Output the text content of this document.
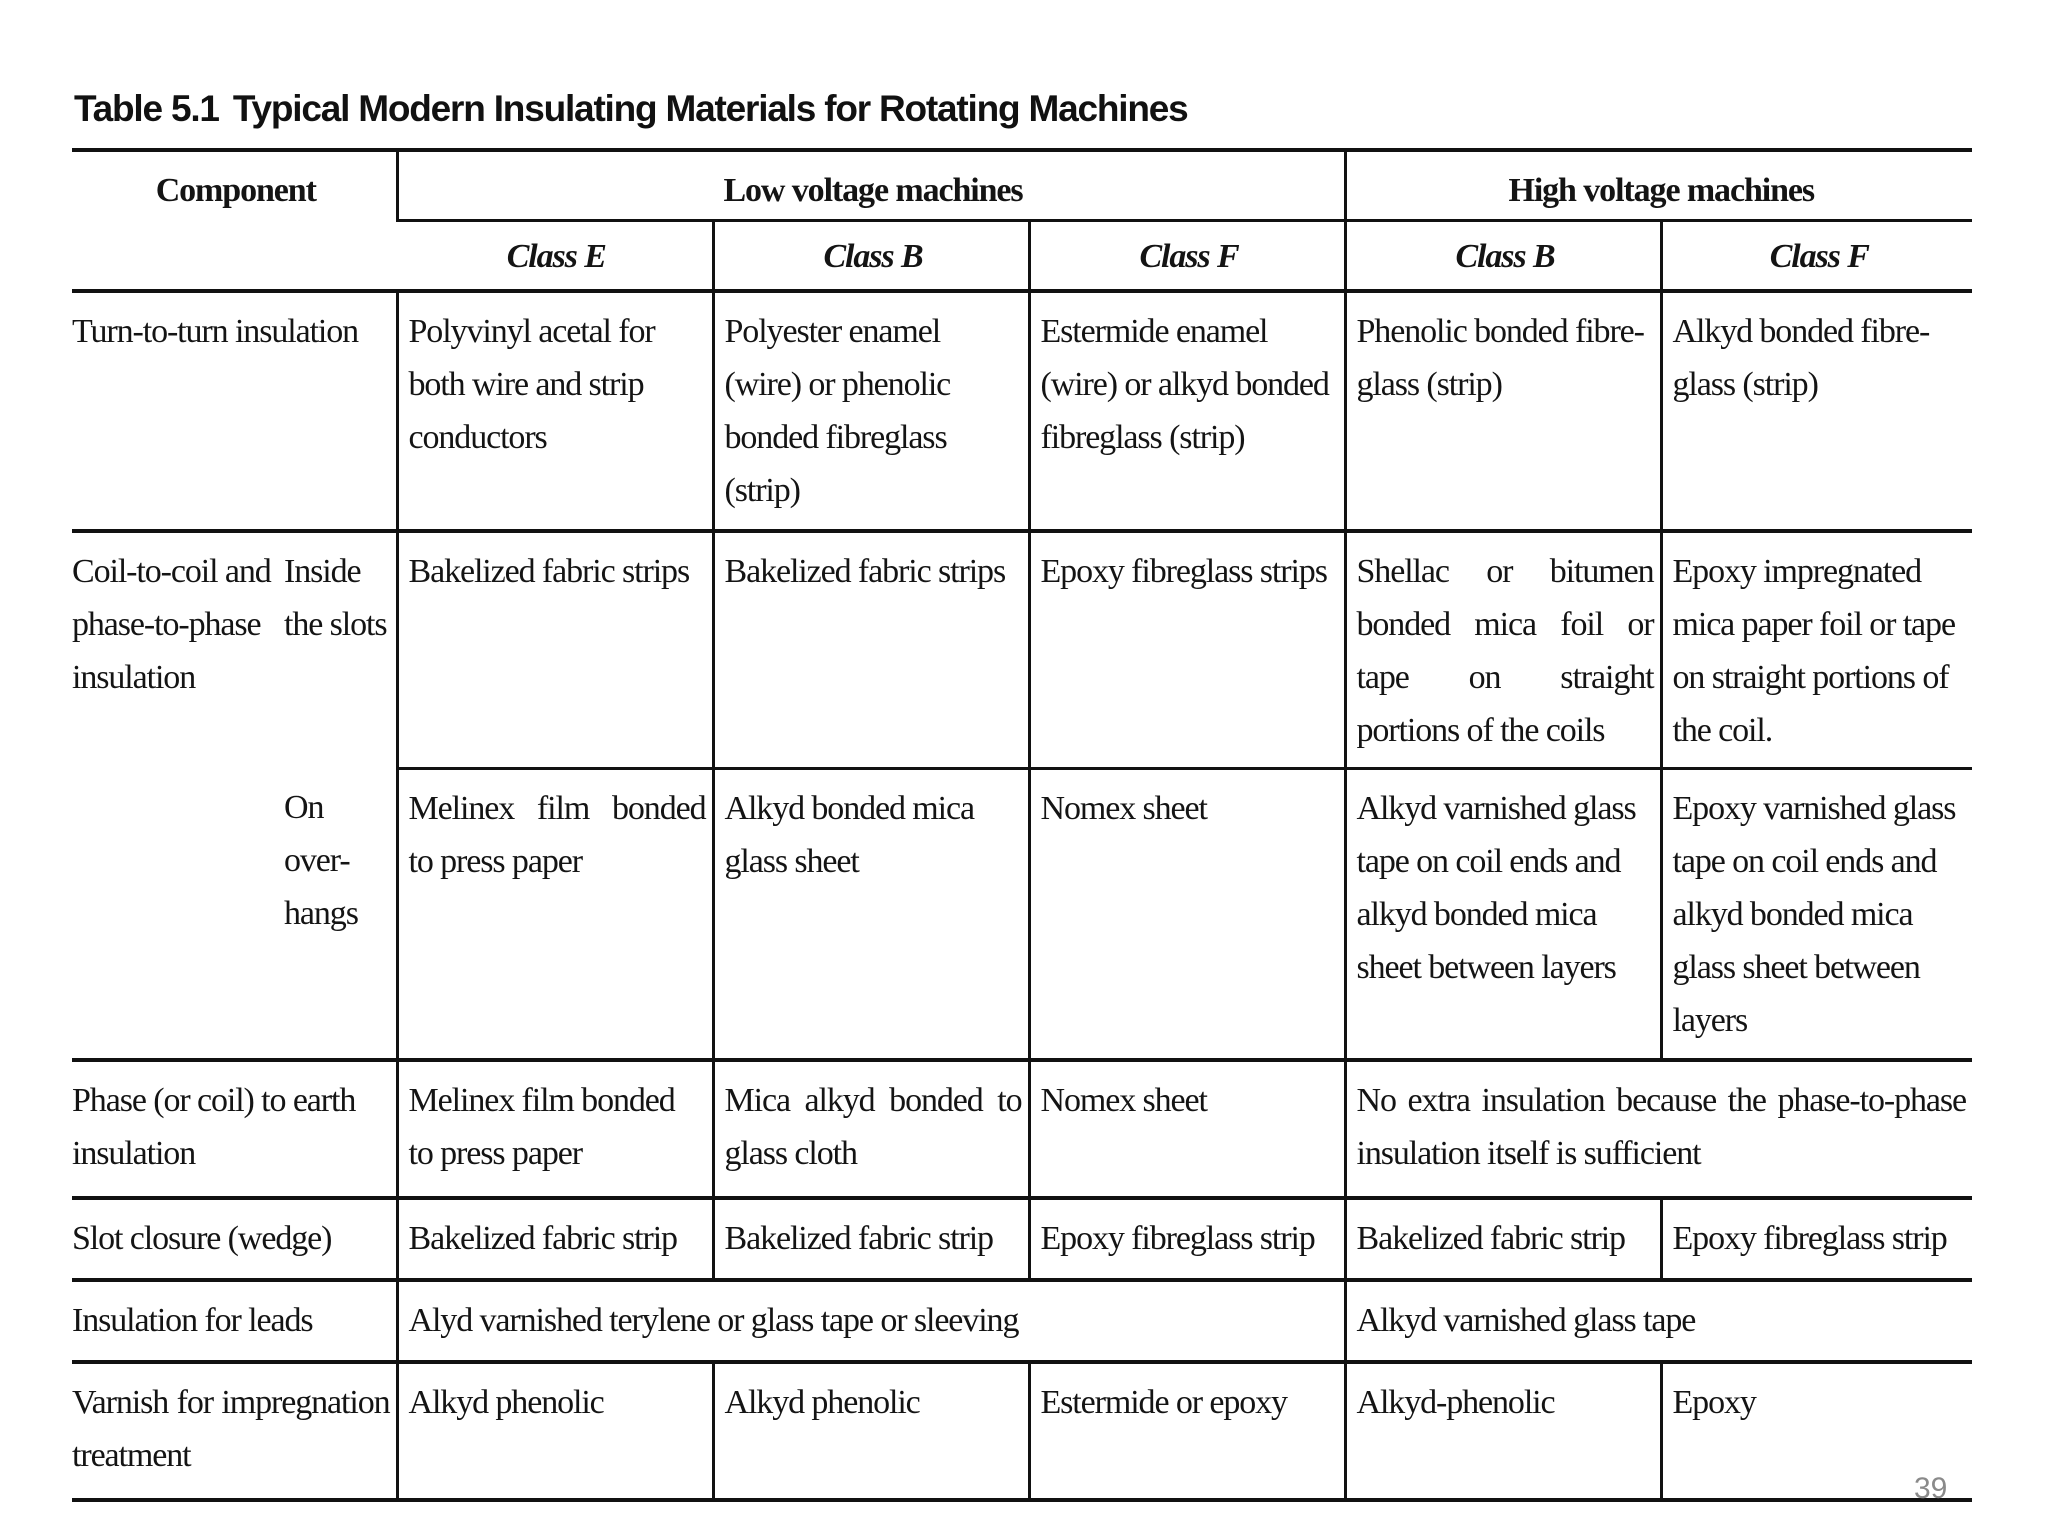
Table 5.1 Typical Modern Insulating Materials for Rotating Machines
Component		Low voltage machines			High voltage machines	
		Class E	Class B	Class F	Class B	Class F
Turn-to-turn insulation		Polyvinyl acetal for both wire and strip conductors	Polyester enamel (wire) or phenolic bonded fibreglass (strip)	Estermide enamel (wire) or alkyd bonded fibreglass (strip)	Phenolic bonded fibre-glass (strip)	Alkyd bonded fibre-glass (strip)
Coil-to-coil and phase-to-phase insulation	Inside the slots	Bakelized fabric strips	Bakelized fabric strips	Epoxy fibreglass strips	Shellac or bitumen bonded mica foil or tape on straight portions of the coils	Epoxy impregnated mica paper foil or tape on straight portions of the coil.
	On over-hangs	Melinex film bonded to press paper	Alkyd bonded mica glass sheet	Nomex sheet	Alkyd varnished glass tape on coil ends and alkyd bonded mica sheet between layers	Epoxy varnished glass tape on coil ends and alkyd bonded mica glass sheet between layers
Phase (or coil) to earth insulation		Melinex film bonded to press paper	Mica alkyd bonded to glass cloth	Nomex sheet	No extra insulation because the phase-to-phase insulation itself is sufficient	
Slot closure (wedge)		Bakelized fabric strip	Bakelized fabric strip	Epoxy fibreglass strip	Bakelized fabric strip	Epoxy fibreglass strip
Insulation for leads		Alyd varnished terylene or glass tape or sleeving			Alkyd varnished glass tape	
Varnish for impregnation treatment		Alkyd phenolic	Alkyd phenolic	Estermide or epoxy	Alkyd-phenolic	Epoxy
39
